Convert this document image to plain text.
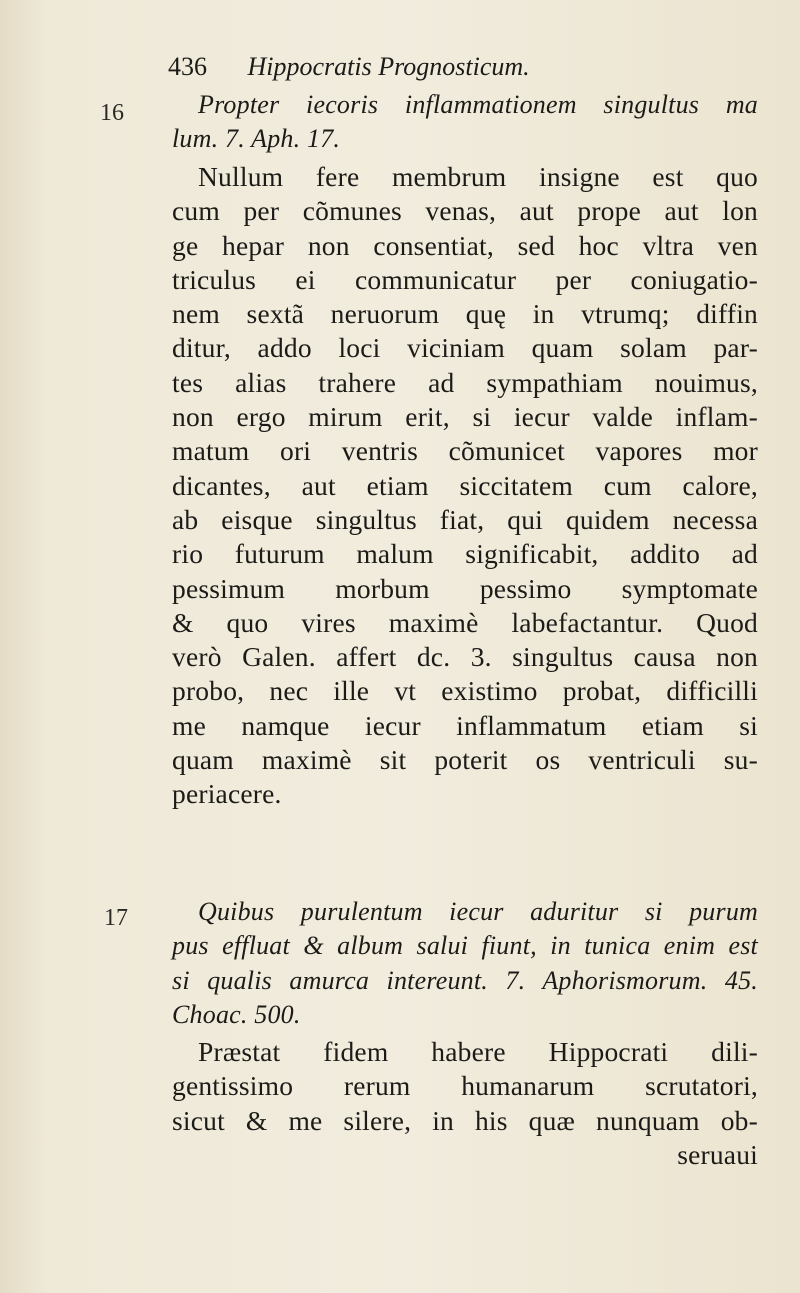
436 Hippocratis Prognosticum.
16
17
Propter iecoris inflammationem singultus ma
lum. 7. Aph. 17.
Nullum fere membrum insigne est quo
cum per cõmunes venas, aut prope aut lon
ge hepar non consentiat, sed hoc vltra ven
triculus ei communicatur per coniugatio-
nem sextã neruorum quę in vtrumq; diffin
ditur, addo loci viciniam quam solam par-
tes alias trahere ad sympathiam nouimus,
non ergo mirum erit, si iecur valde inflam-
matum ori ventris cõmunicet vapores mor
dicantes, aut etiam siccitatem cum calore,
ab eisque singultus fiat, qui quidem necessa
rio futurum malum significabit, addito ad
pessimum morbum pessimo symptomate
& quo vires maximè labefactantur. Quod
verò Galen. affert dc. 3. singultus causa non
probo, nec ille vt existimo probat, difficilli
me namque iecur inflammatum etiam si
quam maximè sit poterit os ventriculi su-
periacere.
Quibus purulentum iecur aduritur si purum
pus effluat & album salui fiunt, in tunica enim est
si qualis amurca intereunt. 7. Aphorismorum. 45.
Choac. 500.
Præstat fidem habere Hippocrati dili-
gentissimo rerum humanarum scrutatori,
sicut & me silere, in his quæ nunquam ob-
seruaui
